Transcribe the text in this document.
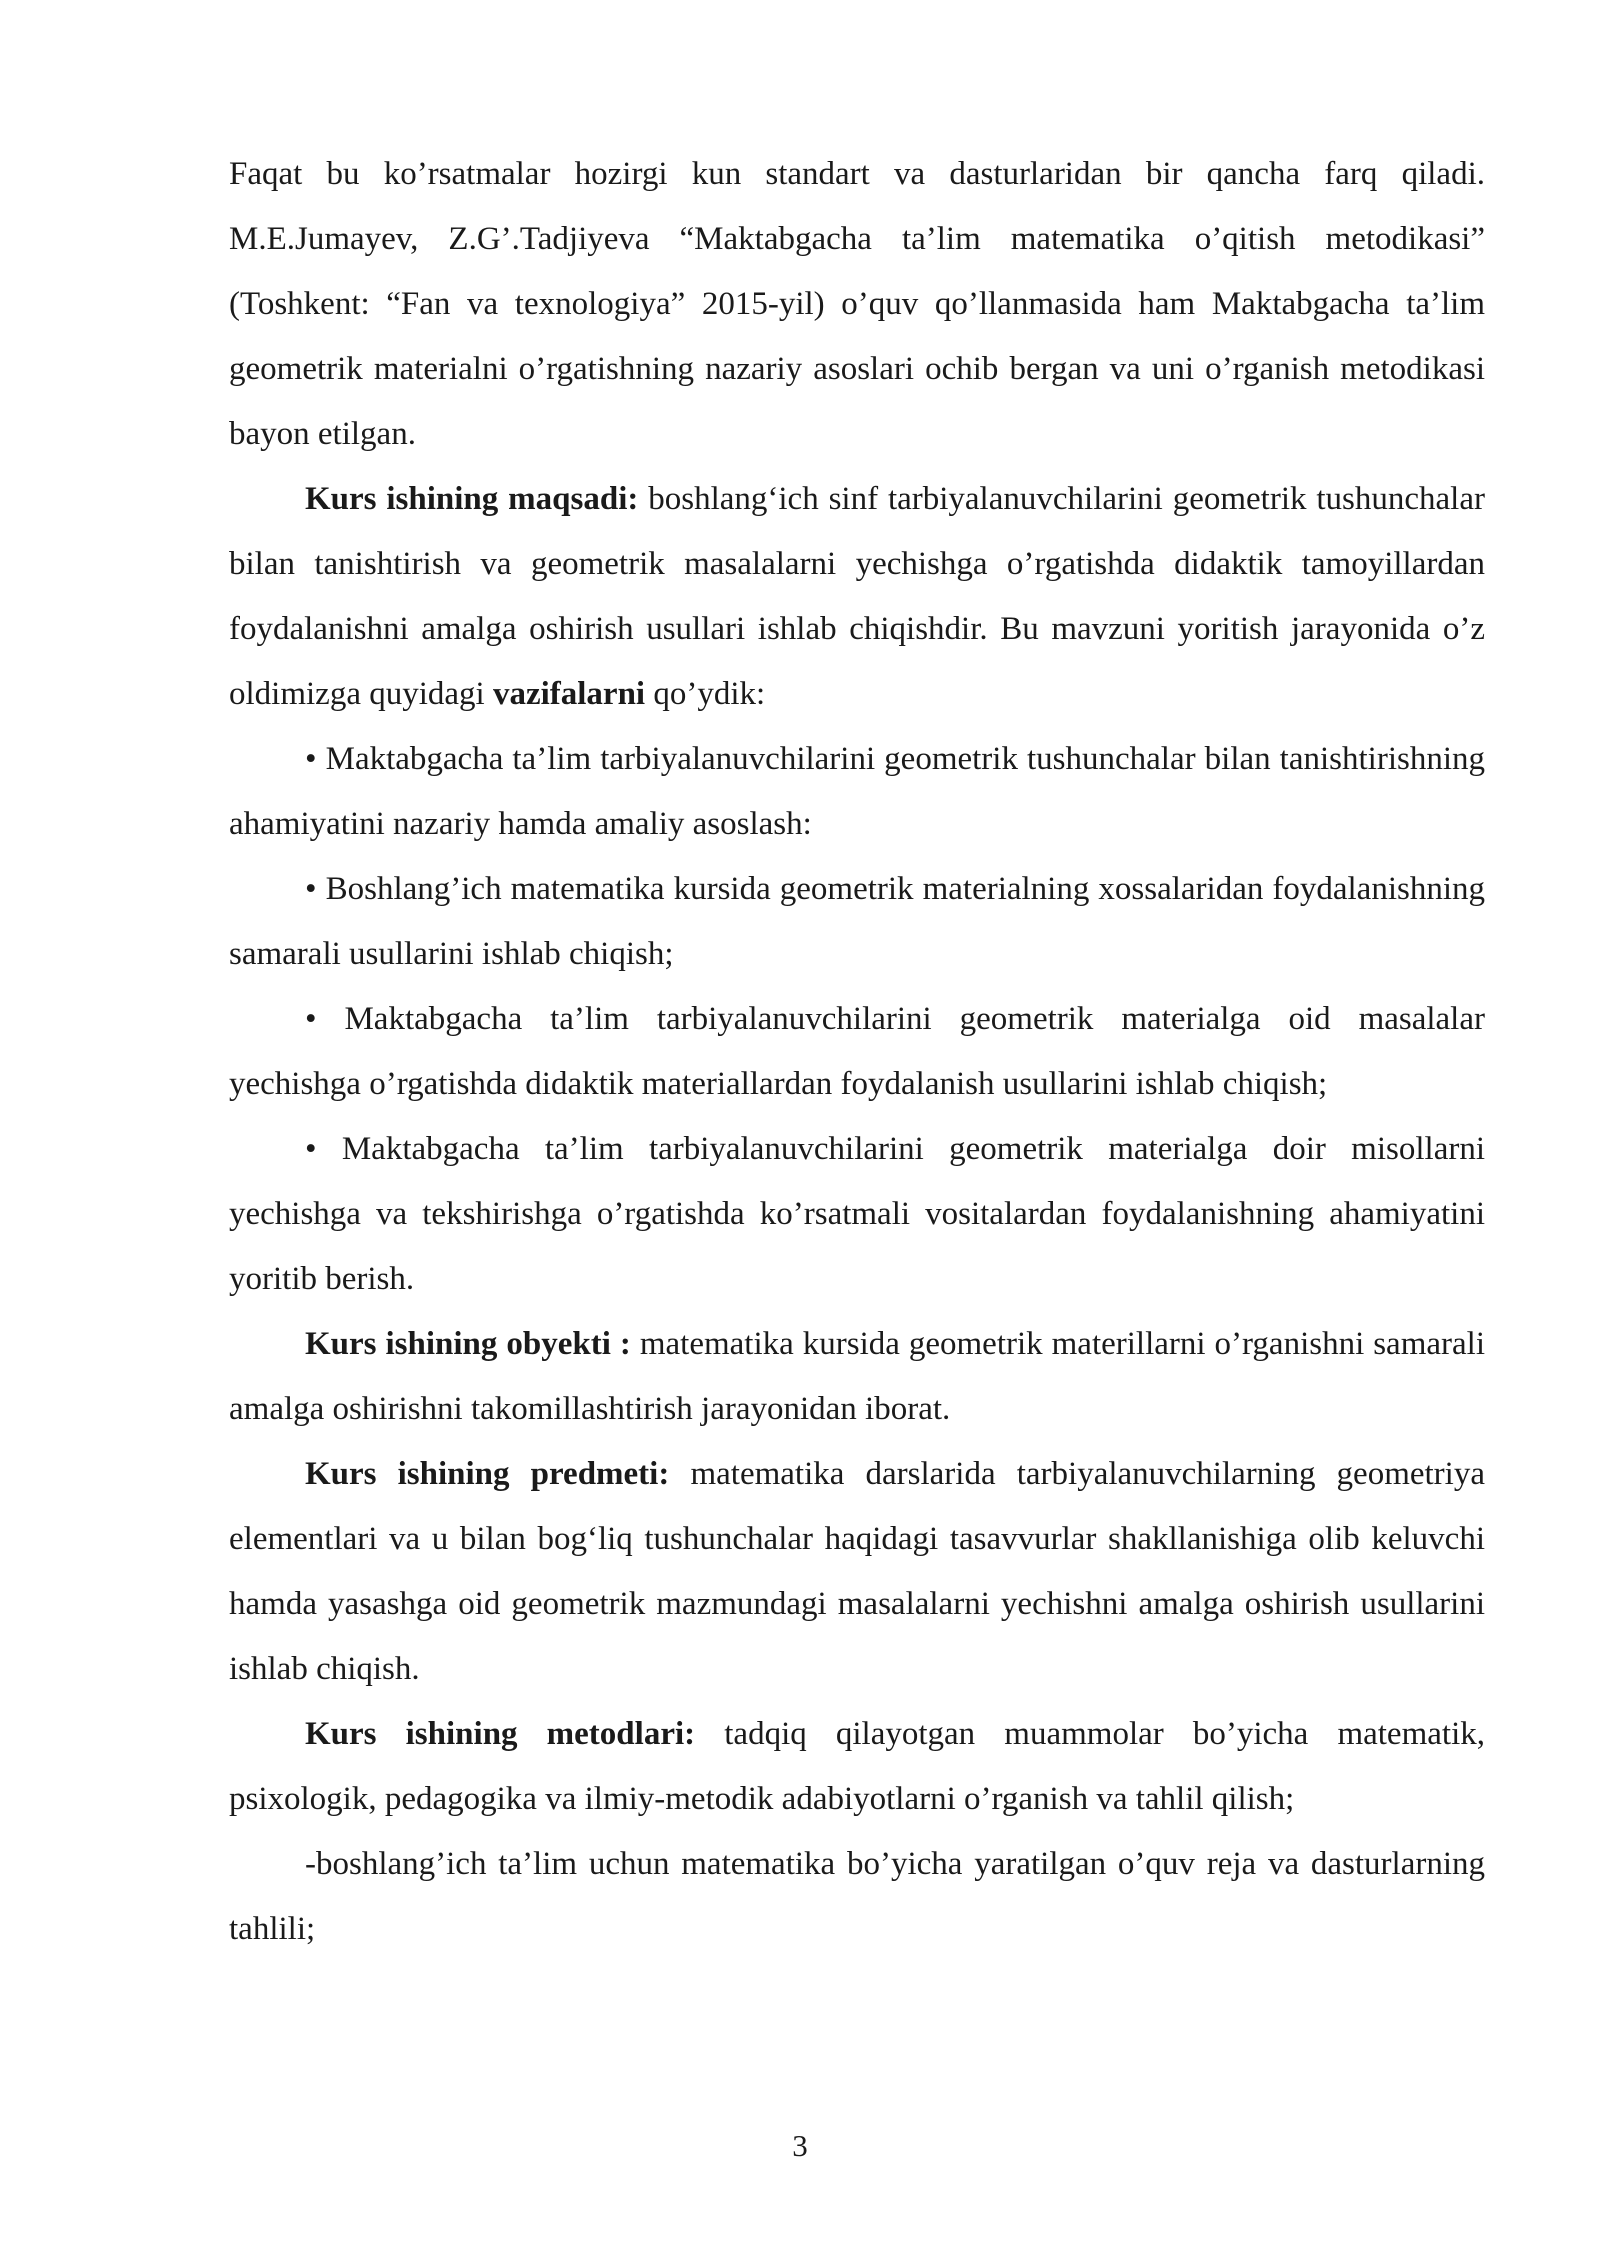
Faqat bu ko’rsatmalar hozirgi kun standart va dasturlaridan bir qancha farq qiladi. M.E.Jumayev, Z.G’.Tadjiyeva “Maktabgacha ta’lim matematika o’qitish metodikasi” (Toshkent: “Fan va texnologiya” 2015-yil) o’quv qo’llanmasida ham Maktabgacha ta’lim geometrik materialni o’rgatishning nazariy asoslari ochib bergan va uni o’rganish metodikasi bayon etilgan.

Kurs ishining maqsadi: boshlang‘ich sinf tarbiyalanuvchilarini geometrik tushunchalar bilan tanishtirish va geometrik masalalarni yechishga o’rgatishda didaktik tamoyillardan foydalanishni amalga oshirish usullari ishlab chiqishdir. Bu mavzuni yoritish jarayonida o’z oldimizga quyidagi vazifalarni qo’ydik:

• Maktabgacha ta’lim tarbiyalanuvchilarini geometrik tushunchalar bilan tanishtirishning ahamiyatini nazariy hamda amaliy asoslash:

• Boshlang’ich matematika kursida geometrik materialning xossalaridan foydalanishning samarali usullarini ishlab chiqish;

• Maktabgacha ta’lim tarbiyalanuvchilarini geometrik materialga oid masalalar yechishga o’rgatishda didaktik materiallardan foydalanish usullarini ishlab chiqish;

• Maktabgacha ta’lim tarbiyalanuvchilarini geometrik materialga doir misollarni yechishga va tekshirishga o’rgatishda ko’rsatmali vositalardan foydalanishning ahamiyatini yoritib berish.

Kurs ishining obyekti : matematika kursida geometrik materillarni o’rganishni samarali amalga oshirishni takomillashtirish jarayonidan iborat.

Kurs ishining predmeti: matematika darslarida tarbiyalanuvchilarning geometriya elementlari va u bilan bog‘liq tushunchalar haqidagi tasavvurlar shakllanishiga olib keluvchi hamda yasashga oid geometrik mazmundagi masalalarni yechishni amalga oshirish usullarini ishlab chiqish.

Kurs ishining metodlari: tadqiq qilayotgan muammolar bo’yicha matematik, psixologik, pedagogika va ilmiy-metodik adabiyotlarni o’rganish va tahlil qilish;

-boshlang’ich ta’lim uchun matematika bo’yicha yaratilgan o’quv reja va dasturlarning tahlili;

3
